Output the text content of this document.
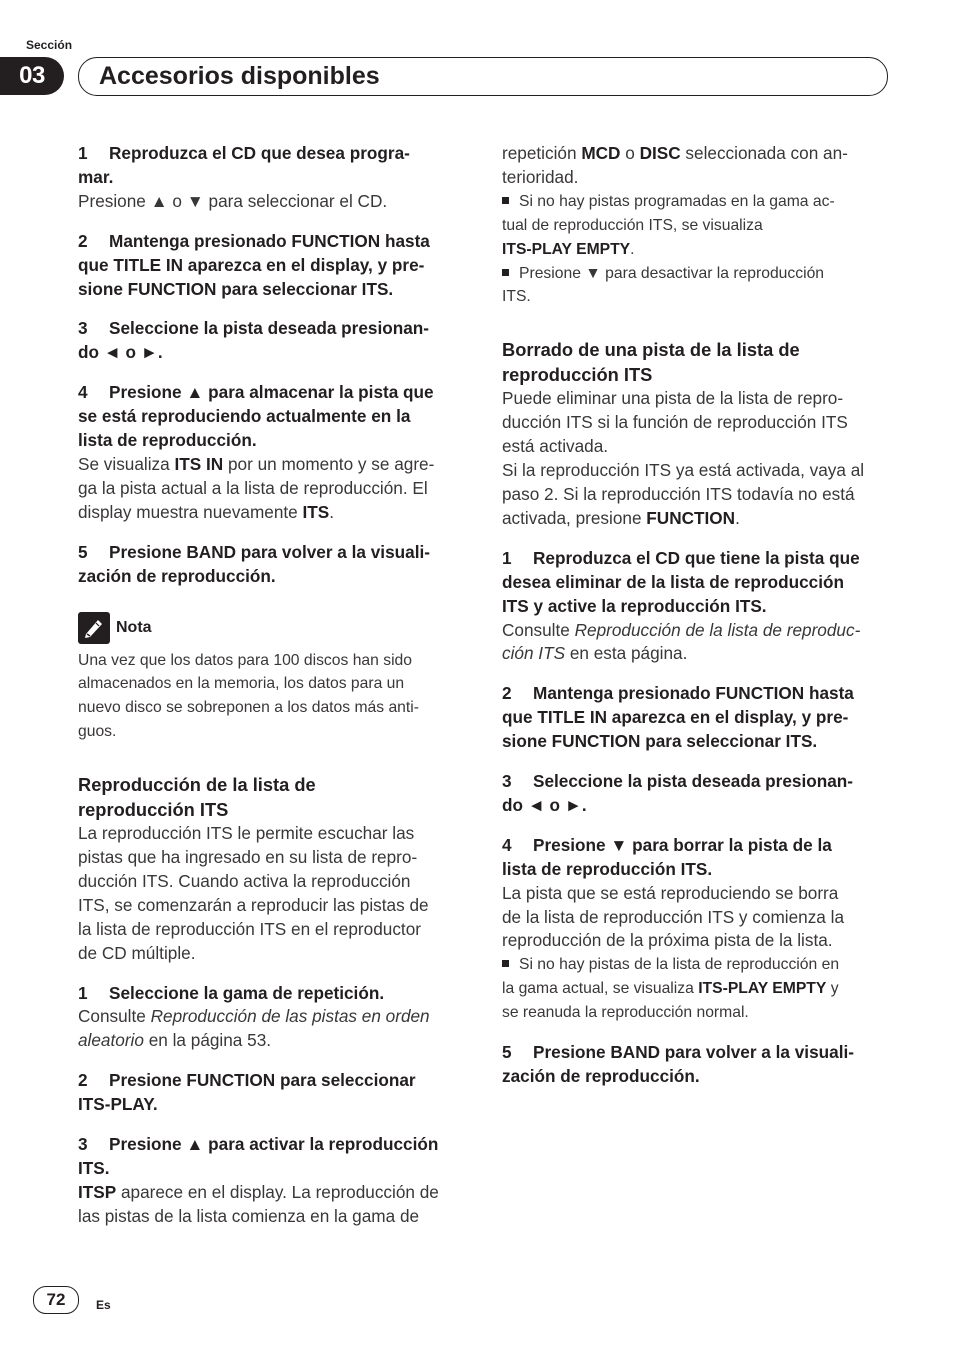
Sección
03	Accesorios disponibles

1 Reproduzca el CD que desea progra-
mar.

Presione ▲ o ▼ para seleccionar el CD.

2 Mantenga presionado FUNCTION hasta
que TITLE IN aparezca en el display, y pre-
sione FUNCTION para seleccionar ITS.

3 Seleccione la pista deseada presionan-
do ◄ o ►.

4 Presione ▲ para almacenar la pista que
se está reproduciendo actualmente en la
lista de reproducción.

Se visualiza ITS IN por un momento y se agre-
ga la pista actual a la lista de reproducción. El
display muestra nuevamente ITS.

5 Presione BAND para volver a la visuali-
zación de reproducción.

Nota

Una vez que los datos para 100 discos han sido
almacenados en la memoria, los datos para un
nuevo disco se sobreponen a los datos más anti-
guos.

Reproducción de la lista de
reproducción ITS

La reproducción ITS le permite escuchar las
pistas que ha ingresado en su lista de repro-
ducción ITS. Cuando activa la reproducción
ITS, se comenzarán a reproducir las pistas de
la lista de reproducción ITS en el reproductor
de CD múltiple.

1 Seleccione la gama de repetición.

Consulte Reproducción de las pistas en orden
aleatorio en la página 53.

2 Presione FUNCTION para seleccionar
ITS-PLAY.

3 Presione ▲ para activar la reproducción
ITS.

ITSP aparece en el display. La reproducción de
las pistas de la lista comienza en la gama de

repetición MCD o DISC seleccionada con an-
terioridad.

Si no hay pistas programadas en la gama ac-
tual de reproducción ITS, se visualiza
ITS-PLAY EMPTY.

Presione ▼ para desactivar la reproducción
ITS.

Borrado de una pista de la lista de
reproducción ITS

Puede eliminar una pista de la lista de repro-
ducción ITS si la función de reproducción ITS
está activada.
Si la reproducción ITS ya está activada, vaya al
paso 2. Si la reproducción ITS todavía no está
activada, presione FUNCTION.

1 Reproduzca el CD que tiene la pista que
desea eliminar de la lista de reproducción
ITS y active la reproducción ITS.

Consulte Reproducción de la lista de reproduc-
ción ITS en esta página.

2 Mantenga presionado FUNCTION hasta
que TITLE IN aparezca en el display, y pre-
sione FUNCTION para seleccionar ITS.

3 Seleccione la pista deseada presionan-
do ◄ o ►.

4 Presione ▼ para borrar la pista de la
lista de reproducción ITS.

La pista que se está reproduciendo se borra
de la lista de reproducción ITS y comienza la
reproducción de la próxima pista de la lista.

Si no hay pistas de la lista de reproducción en
la gama actual, se visualiza ITS-PLAY EMPTY y
se reanuda la reproducción normal.

5 Presione BAND para volver a la visuali-
zación de reproducción.

72	Es
